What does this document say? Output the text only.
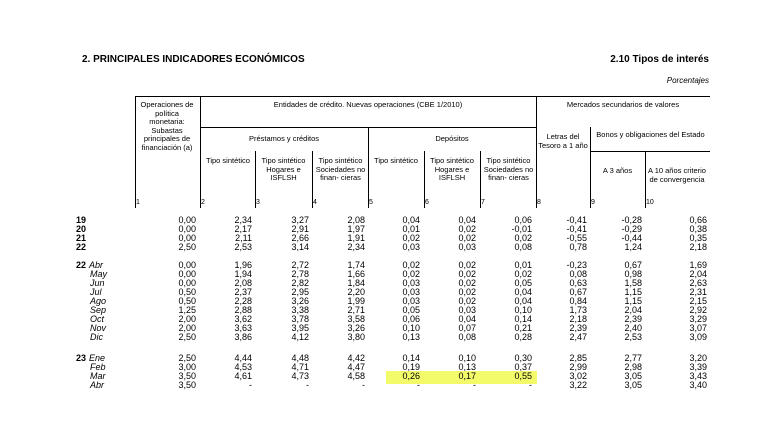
2. PRINCIPALES INDICADORES ECONÓMICOS	2.10 Tipos de interés
Porcentajes
Operaciones de política monetaria: Subastas principales de financiación (a)
Entidades de crédito. Nuevas operaciones (CBE 1/2010)
Préstamos y créditos	Depósitos
Mercados secundarios de valores
Bonos y obligaciones del Estado
Tipo sintético	Tipo sintético Hogares e ISFLSH
Tipo sintético Sociedades no finan- cieras
Tipo sintético	Tipo sintético Hogares e ISFLSH
Tipo sintético Sociedades no finan- cieras
Letras del Tesoro a 1 año
A 3 años	A 10 años criterio de convergencia
1	2	3	4	5	6	7	8	9	10
19	0,00	2,34	3,27	2,08	0,04	0,04	0,06	-0,41	-0,28	0,66
20	0,00	2,17	2,91	1,97	0,01	0,02	-0,01	-0,41	-0,29	0,38
21	0,00	2,11	2,66	1,91	0,02	0,02	0,02	-0,55	-0,44	0,35
22	2,50	2,53	3,14	2,34	0,03	0,03	0,08	0,78	1,24	2,18
22 Abr	0,00	1,96	2,72	1,74	0,02	0,02	0,01	-0,23	0,67	1,69
May	0,00	1,94	2,78	1,66	0,02	0,02	0,02	0,08	0,98	2,04
Jun	0,00	2,08	2,82	1,84	0,03	0,02	0,05	0,63	1,58	2,63
Jul	0,50	2,37	2,95	2,20	0,03	0,02	0,04	0,67	1,15	2,31
Ago	0,50	2,28	3,26	1,99	0,03	0,02	0,04	0,84	1,15	2,15
Sep	1,25	2,88	3,38	2,71	0,05	0,03	0,10	1,73	2,04	2,92
Oct	2,00	3,62	3,78	3,58	0,06	0,04	0,14	2,18	2,39	3,29
Nov	2,00	3,63	3,95	3,26	0,10	0,07	0,21	2,39	2,40	3,07
Dic	2,50	3,86	4,12	3,80	0,13	0,08	0,28	2,47	2,53	3,09
23 Ene	2,50	4,44	4,48	4,42	0,14	0,10	0,30	2,85	2,77	3,20
Feb	3,00	4,53	4,71	4,47	0,19	0,13	0,37	2,99	2,98	3,39
Mar	3,50	4,61	4,73	4,58	0,26	0,17	0,55	3,02	3,05	3,43
Abr	3,50	-	-	-	-	-	-	3,22	3,05	3,40
